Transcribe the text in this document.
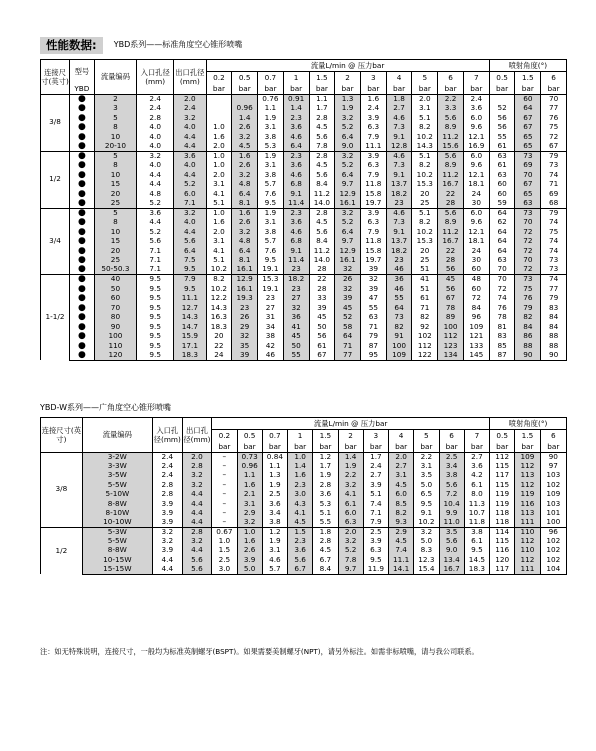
性能数据: YBD系列——标准角度空心锥形喷嘴
连接尺寸(英寸)	型号	流量编码	入口孔径(mm)	出口孔径(mm)	流量L/min @ 压力bar											喷射角度(°)		
					0.2	0.5	0.7	1	1.5	2	3	4	5	6	7	0.5	1.5	6
	YBD				bar	bar	bar	bar	bar	bar	bar	bar	bar	bar	bar	bar	bar	bar
3/8	●	2	2.4	2.0			0.76	0.91	1.1	1.3	1.6	1.8	2.0	2.2	2.4		60	70
	●	3	2.4	2.4		0.96	1.1	1.4	1.7	1.9	2.4	2.7	3.1	3.3	3.6	52	64	77
	●	5	2.8	3.2		1.4	1.9	2.3	2.8	3.2	3.9	4.6	5.1	5.6	6.0	56	67	76
	●	8	4.0	4.0	1.0	2.6	3.1	3.6	4.5	5.2	6.3	7.3	8.2	8.9	9.6	56	67	75
	●	10	4.0	4.4	1.6	3.2	3.8	4.6	5.6	6.4	7.9	9.1	10.2	11.2	12.1	55	65	72
	●	20-10	4.0	4.4	2.0	4.5	5.3	6.4	7.8	9.0	11.1	12.8	14.3	15.6	16.9	61	65	67
1/2	●	5	3.2	3.6	1.0	1.6	1.9	2.3	2.8	3.2	3.9	4.6	5.1	5.6	6.0	63	73	79
	●	8	4.0	4.0	1.0	2.6	3.1	3.6	4.5	5.2	6.3	7.3	8.2	8.9	9.6	61	69	73
	●	10	4.4	4.4	2.0	3.2	3.8	4.6	5.6	6.4	7.9	9.1	10.2	11.2	12.1	63	70	74
	●	15	4.4	5.2	3.1	4.8	5.7	6.8	8.4	9.7	11.8	13.7	15.3	16.7	18.1	60	67	71
	●	20	4.8	6.0	4.1	6.4	7.6	9.1	11.2	12.9	15.8	18.2	20	22	24	60	65	69
	●	25	5.2	7.1	5.1	8.1	9.5	11.4	14.0	16.1	19.7	23	25	28	30	59	63	68
3/4	●	5	3.6	3.2	1.0	1.6	1.9	2.3	2.8	3.2	3.9	4.6	5.1	5.6	6.0	64	73	79
	●	8	4.4	4.0	1.6	2.6	3.1	3.6	4.5	5.2	6.3	7.3	8.2	8.9	9.6	62	70	74
	●	10	5.2	4.4	2.0	3.2	3.8	4.6	5.6	6.4	7.9	9.1	10.2	11.2	12.1	64	72	75
	●	15	5.6	5.6	3.1	4.8	5.7	6.8	8.4	9.7	11.8	13.7	15.3	16.7	18.1	64	72	74
	●	20	7.1	6.4	4.1	6.4	7.6	9.1	11.2	12.9	15.8	18.2	20	22	24	64	72	74
	●	25	7.1	7.5	5.1	8.1	9.5	11.4	14.0	16.1	19.7	23	25	28	30	63	70	73
	●	50-50.3	7.1	9.5	10.2	16.1	19.1	23	28	32	39	46	51	56	60	70	72	73
1-1/2	●	40	9.5	7.9	8.2	12.9	15.3	18.2	22	26	32	36	41	45	48	70	73	74
	●	50	9.5	9.5	10.2	16.1	19.1	23	28	32	39	46	51	56	60	72	75	77
	●	60	9.5	11.1	12.2	19.3	23	27	33	39	47	55	61	67	72	74	76	79
	●	70	9.5	12.7	14.3	23	27	32	39	45	55	64	71	78	84	76	79	83
	●	80	9.5	14.3	16.3	26	31	36	45	52	63	73	82	89	96	78	82	84
	●	90	9.5	14.7	18.3	29	34	41	50	58	71	82	92	100	109	81	84	84
	●	100	9.5	15.9	20	32	38	45	56	64	79	91	102	112	121	83	86	88
	●	110	9.5	17.1	22	35	42	50	61	71	87	100	112	123	133	85	88	88
	●	120	9.5	18.3	24	39	46	55	67	77	95	109	122	134	145	87	90	90
YBD-W系列——广角度空心锥形喷嘴
连接尺寸(英寸)	流量编码	入口孔径(mm)	出口孔径(mm)	流量L/min @ 压力bar											喷射角度(°)		
				0.2	0.5	0.7	1	1.5	2	3	4	5	6	7	0.5	1.5	6
				bar	bar	bar	bar	bar	bar	bar	bar	bar	bar	bar	bar	bar	bar
3/8	3-2W	2.4	2.0	–	0.73	0.84	1.0	1.2	1.4	1.7	2.0	2.2	2.5	2.7	112	109	90
	3-3W	2.4	2.8	–	0.96	1.1	1.4	1.7	1.9	2.4	2.7	3.1	3.4	3.6	115	112	97
	3-5W	2.4	3.2	–	1.1	1.3	1.6	1.9	2.2	2.7	3.1	3.5	3.8	4.2	117	113	103
	5-5W	2.8	3.2	–	1.6	1.9	2.3	2.8	3.2	3.9	4.5	5.0	5.6	6.1	115	112	102
	5-10W	2.8	4.4	–	2.1	2.5	3.0	3.6	4.1	5.1	6.0	6.5	7.2	8.0	119	119	109
	8-8W	3.9	4.4	–	3.1	3.6	4.3	5.3	6.1	7.4	8.5	9.5	10.4	11.3	119	116	103
	8-10W	3.9	4.4	–	2.9	3.4	4.1	5.1	6.0	7.1	8.2	9.1	9.9	10.7	118	113	101
	10-10W	3.9	4.4	–	3.2	3.8	4.5	5.5	6.3	7.9	9.3	10.2	11.0	11.8	118	111	100
1/2	5-3W	3.2	2.8	0.67	1.0	1.2	1.5	1.8	2.0	2.5	2.9	3.2	3.5	3.8	114	110	96
	5-5W	3.2	3.2	1.0	1.6	1.9	2.3	2.8	3.2	3.9	4.5	5.0	5.6	6.1	115	112	102
	8-8W	3.9	4.4	1.5	2.6	3.1	3.6	4.5	5.2	6.3	7.4	8.3	9.0	9.5	116	110	102
	10-15W	4.4	5.6	2.5	3.9	4.6	5.6	6.7	7.8	9.5	11.1	12.3	13.4	14.5	120	112	102
	15-15W	4.4	5.6	3.0	5.0	5.7	6.7	8.4	9.7	11.9	14.1	15.4	16.7	18.3	117	111	104
注：如无特殊说明，连接尺寸，一般均为标准英制螺牙(BSPT)。如果需要美制螺牙(NPT)，请另外标注。如需非标喷嘴，请与我公司联系。
